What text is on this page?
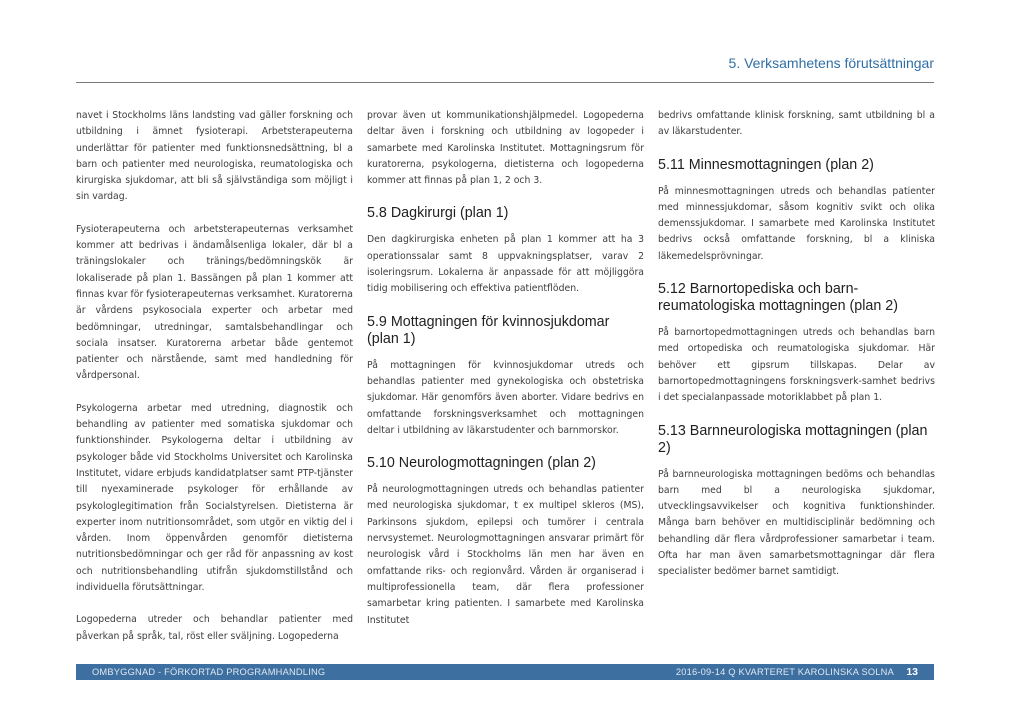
5. Verksamhetens förutsättningar

navet i Stockholms läns landsting vad gäller forskning och utbildning i ämnet fysioterapi. Arbetsterapeuterna underlättar för patienter med funktionsnedsättning, bl a barn och patienter med neurologiska, reumatologiska och kirurgiska sjukdomar, att bli så självständiga som möjligt i sin vardag.

Fysioterapeuterna och arbetsterapeuternas verksamhet kommer att bedrivas i ändamålsenliga lokaler, där bl a träningslokaler och tränings/bedömningskök är lokaliserade på plan 1. Bassängen på plan 1 kommer att finnas kvar för fysioterapeuternas verksamhet. Kuratorerna är vårdens psykosociala experter och arbetar med bedömningar, utredningar, samtalsbehandlingar och sociala insatser. Kuratorerna arbetar både gentemot patienter och närstående, samt med handledning för vårdpersonal.

Psykologerna arbetar med utredning, diagnostik och behandling av patienter med somatiska sjukdomar och funktionshinder. Psykologerna deltar i utbildning av psykologer både vid Stockholms Universitet och Karolinska Institutet, vidare erbjuds kandidatplatser samt PTP-tjänster till nyexaminerade psykologer för erhållande av psykologlegitimation från Socialstyrelsen. Dietisterna är experter inom nutritionsområdet, som utgör en viktig del i vården. Inom öppenvården genomför dietisterna nutritionsbedömningar och ger råd för anpassning av kost och nutritionsbehandling utifrån sjukdomstillstånd och individuella förutsättningar.

Logopederna utreder och behandlar patienter med påverkan på språk, tal, röst eller sväljning. Logopederna

provar även ut kommunikationshjälpmedel. Logopederna deltar även i forskning och utbildning av logopeder i samarbete med Karolinska Institutet. Mottagningsrum för kuratorerna, psykologerna, dietisterna och logopederna kommer att finnas på plan 1, 2 och 3.

5.8 Dagkirurgi (plan 1)

Den dagkirurgiska enheten på plan 1 kommer att ha 3 operationssalar samt 8 uppvakningsplatser, varav 2 isoleringsrum. Lokalerna är anpassade för att möjliggöra tidig mobilisering och effektiva patientflöden.

5.9 Mottagningen för kvinnosjukdomar (plan 1)

På mottagningen för kvinnosjukdomar utreds och behandlas patienter med gynekologiska och obstetriska sjukdomar. Här genomförs även aborter. Vidare bedrivs en omfattande forskningsverksamhet och mottagningen deltar i utbildning av läkarstudenter och barnmorskor.

5.10 Neurologmottagningen (plan 2)

På neurologmottagningen utreds och behandlas patienter med neurologiska sjukdomar, t ex multipel skleros (MS), Parkinsons sjukdom, epilepsi och tumörer i centrala nervsystemet. Neurologmottagningen ansvarar primärt för neurologisk vård i Stockholms län men har även en omfattande riks- och regionvård. Vården är organiserad i multiprofessionella team, där flera professioner samarbetar kring patienten. I samarbete med Karolinska Institutet

bedrivs omfattande klinisk forskning, samt utbildning bl a av läkarstudenter.

5.11 Minnesmottagningen (plan 2)

På minnesmottagningen utreds och behandlas patienter med minnessjukdomar, såsom kognitiv svikt och olika demenssjukdomar. I samarbete med Karolinska Institutet bedrivs också omfattande forskning, bl a kliniska läkemedelsprövningar.

5.12 Barnortopediska och barn-reumatologiska mottagningen (plan 2)

På barnortopedmottagningen utreds och behandlas barn med ortopediska och reumatologiska sjukdomar. Här behöver ett gipsrum tillskapas. Delar av barnortopedmottagningens forskningsverk-samhet bedrivs i det specialanpassade motoriklabbet på plan 1.

5.13 Barnneurologiska mottagningen (plan 2)

På barnneurologiska mottagningen bedöms och behandlas barn med bl a neurologiska sjukdomar, utvecklingsavvikelser och kognitiva funktionshinder. Många barn behöver en multidisciplinär bedömning och behandling där flera vårdprofessioner samarbetar i team. Ofta har man även samarbetsmottagningar där flera specialister bedömer barnet samtidigt.

OMBYGGNAD - FÖRKORTAD PROGRAMHANDLING	2016-09-14 Q KVARTERET KAROLINSKA SOLNA 13
